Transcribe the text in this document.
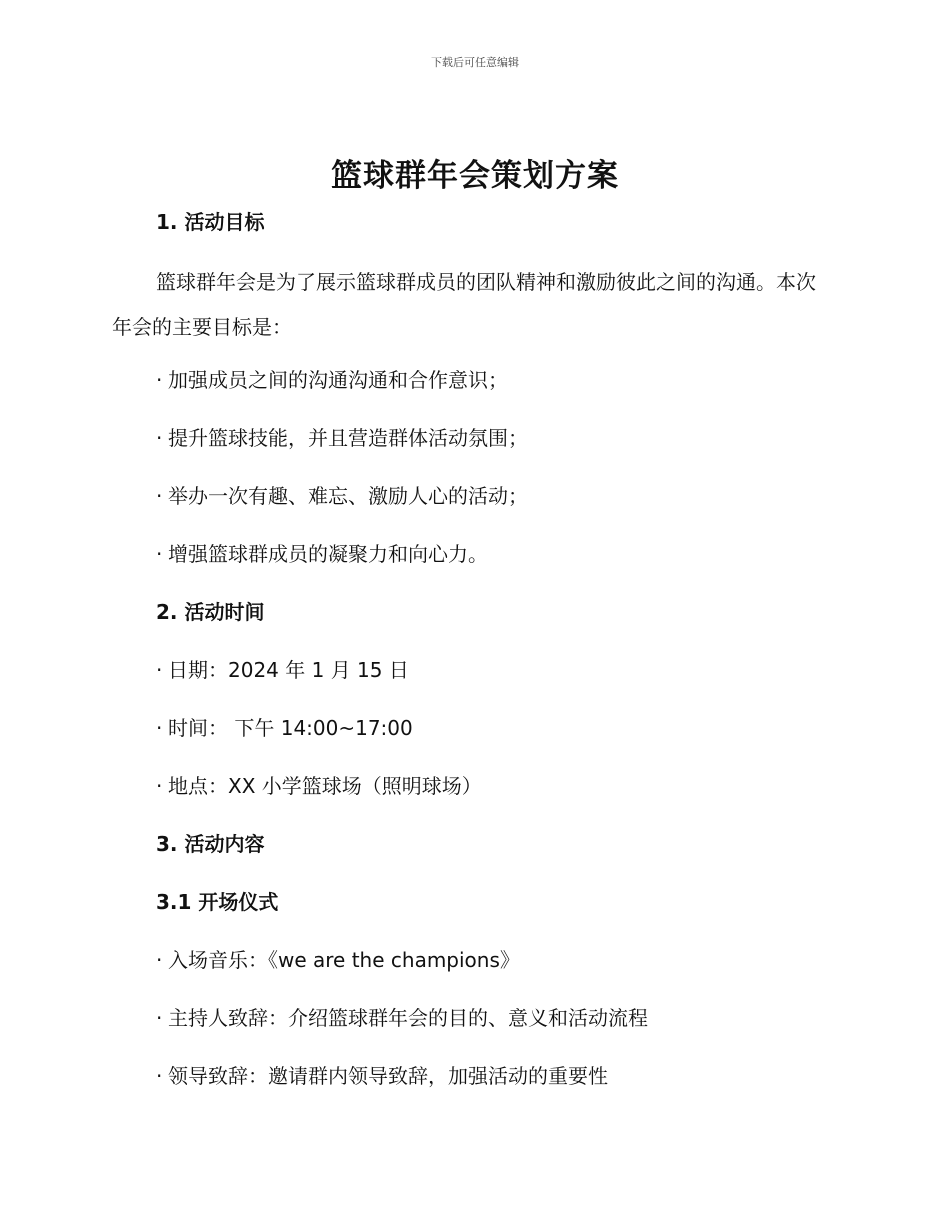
下载后可任意编辑
篮球群年会策划方案
1. 活动目标

篮球群年会是为了展示篮球群成员的团队精神和激励彼此之间的沟通。本次年会的主要目标是：

· 加强成员之间的沟通沟通和合作意识；
· 提升篮球技能，并且营造群体活动氛围；
· 举办一次有趣、难忘、激励人心的活动；
· 增强篮球群成员的凝聚力和向心力。
2. 活动时间
· 日期：2024 年 1 月 15 日
· 时间： 下午 14:00~17:00
· 地点：XX 小学篮球场（照明球场）
3. 活动内容
3.1 开场仪式
· 入场音乐：《we are the champions》
· 主持人致辞：介绍篮球群年会的目的、意义和活动流程
· 领导致辞：邀请群内领导致辞，加强活动的重要性
